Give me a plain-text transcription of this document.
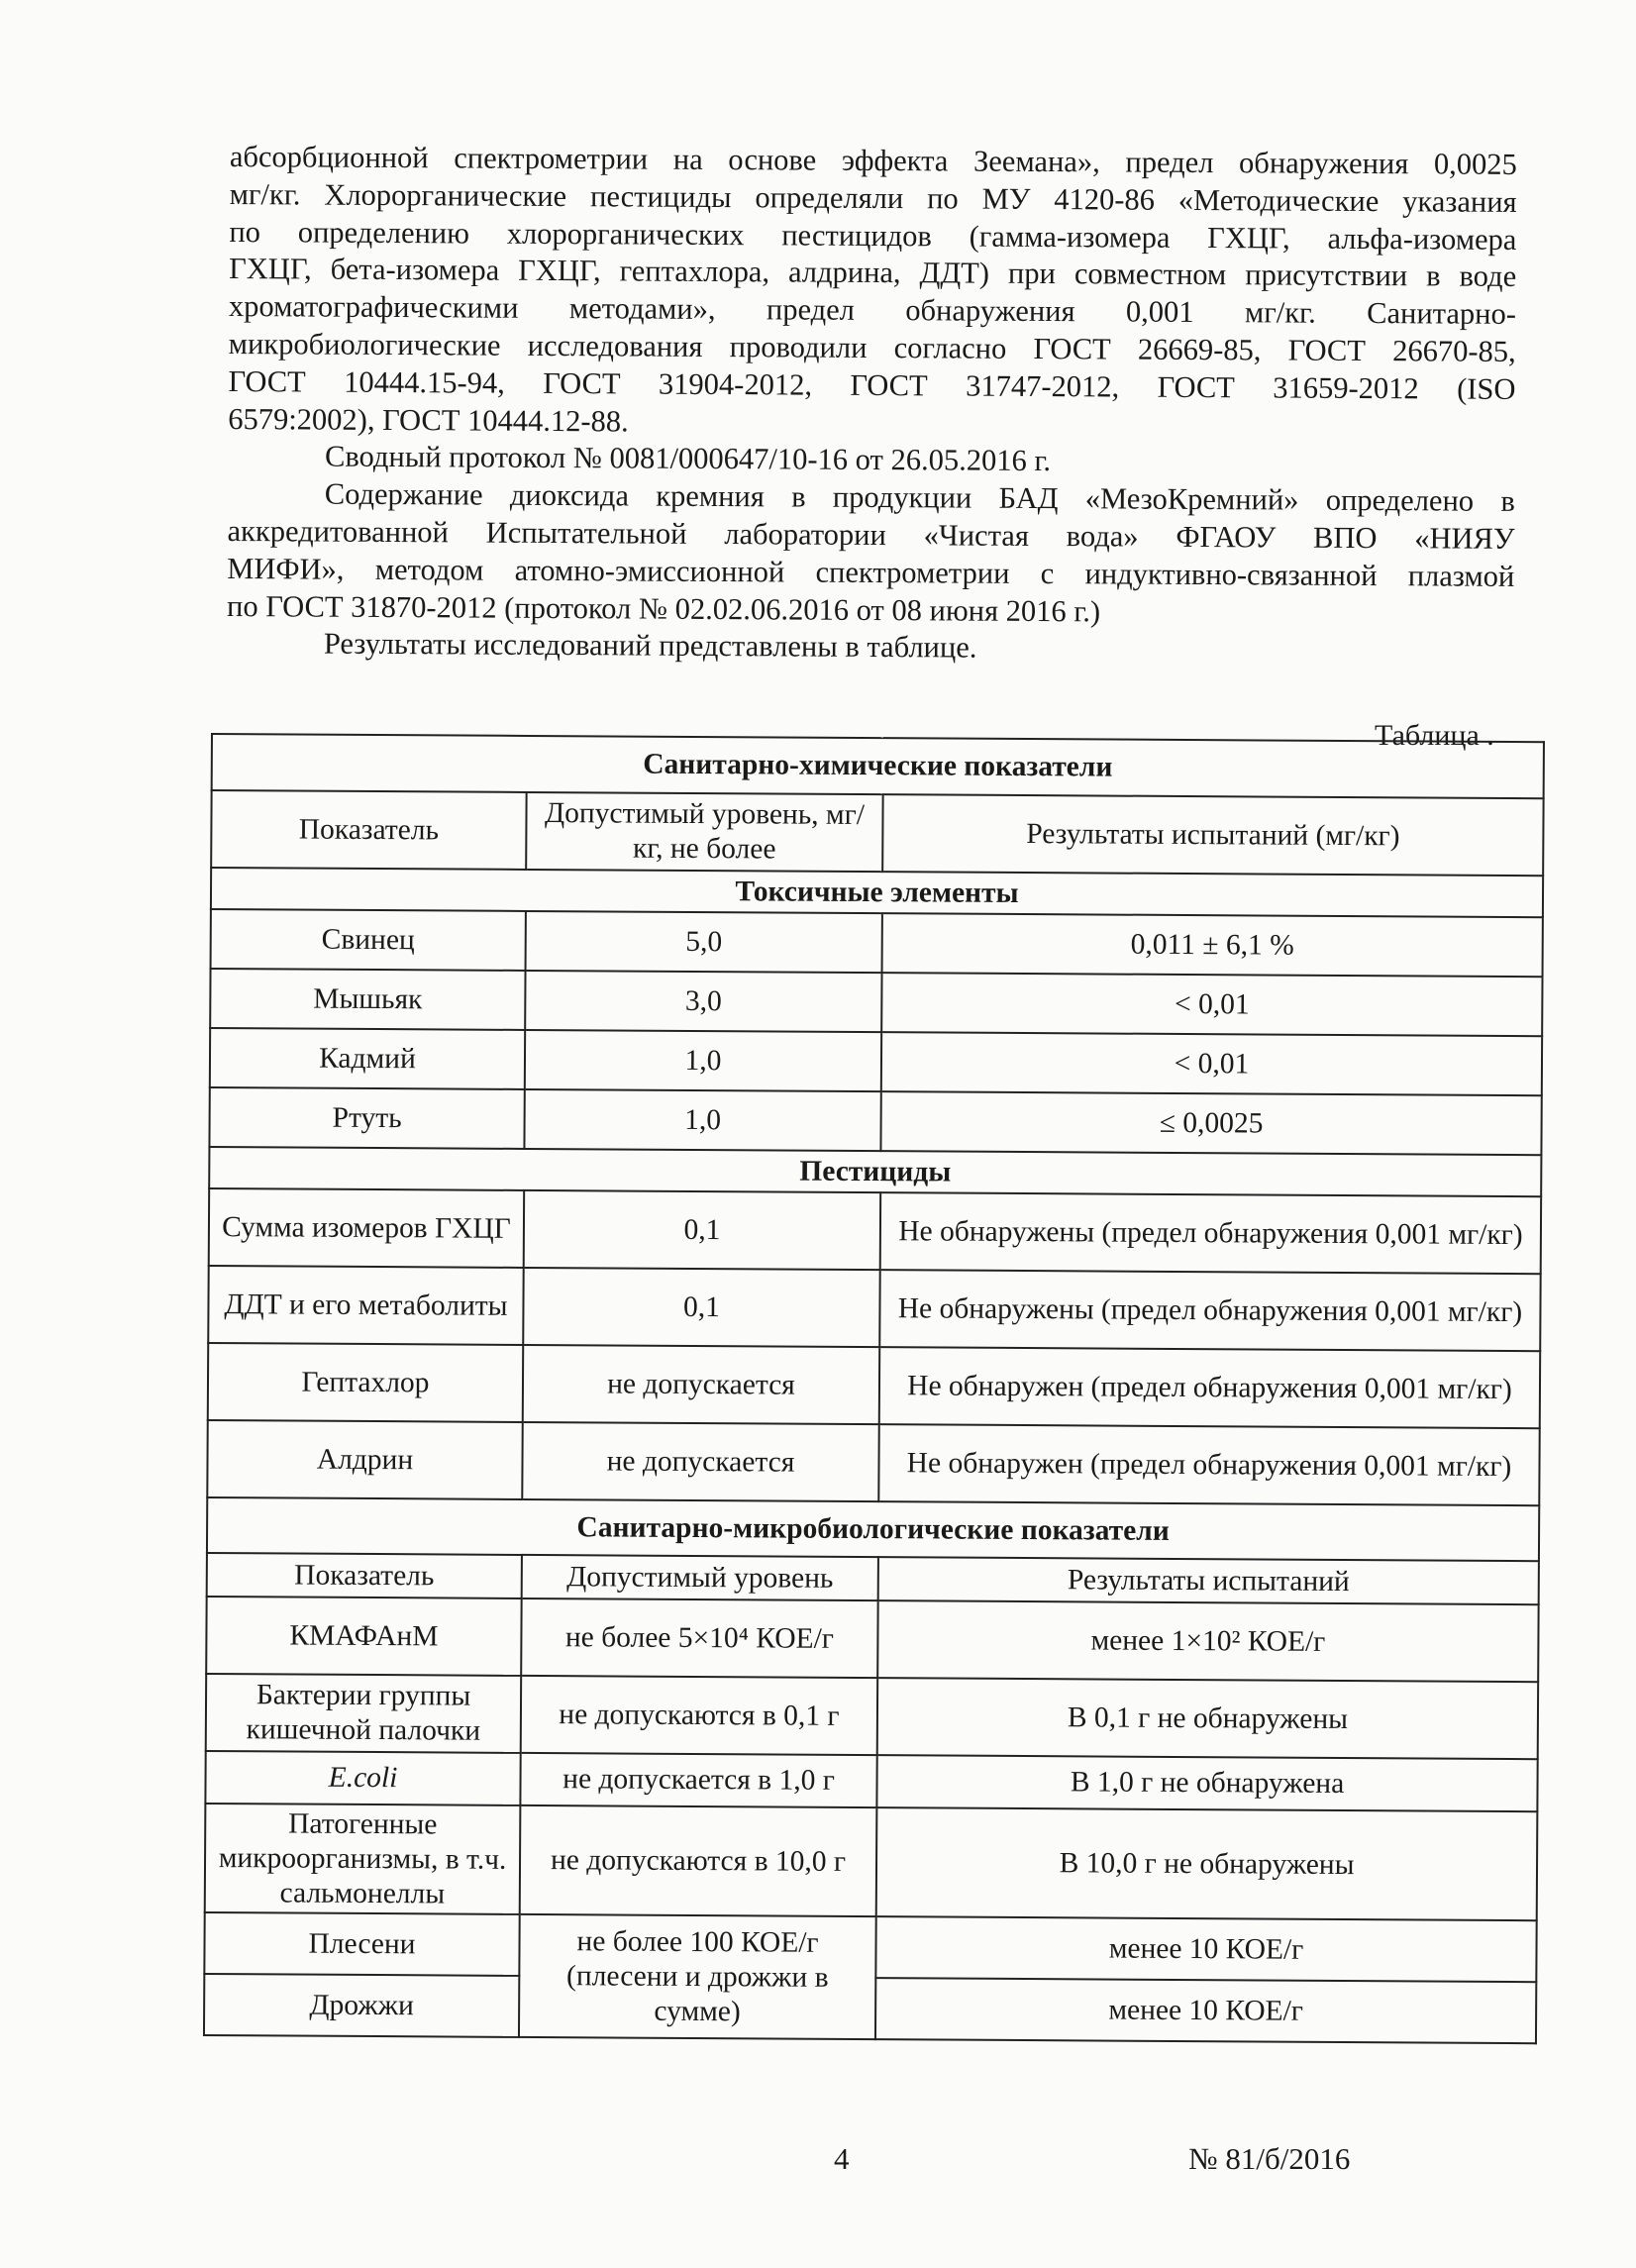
абсорбционной спектрометрии на основе эффекта Зеемана», предел обнаружения 0,0025

мг/кг. Хлорорганические пестициды определяли по МУ 4120-86 «Методические указания

по определению хлорорганических пестицидов (гамма-изомера ГХЦГ, альфа-изомера

ГХЦГ, бета-изомера ГХЦГ, гептахлора, алдрина, ДДТ) при совместном присутствии в воде

хроматографическими методами», предел обнаружения 0,001 мг/кг. Санитарно-

микробиологические исследования проводили согласно ГОСТ 26669-85, ГОСТ 26670-85,

ГОСТ 10444.15-94, ГОСТ 31904-2012, ГОСТ 31747-2012, ГОСТ 31659-2012 (ISO

6579:2002), ГОСТ 10444.12-88.

Сводный протокол № 0081/000647/10-16 от 26.05.2016 г.

Содержание диоксида кремния в продукции БАД «МезоКремний» определено в

аккредитованной Испытательной лаборатории «Чистая вода» ФГАОУ ВПО «НИЯУ

МИФИ», методом атомно-эмиссионной спектрометрии с индуктивно-связанной плазмой

по ГОСТ 31870-2012 (протокол № 02.02.06.2016 от 08 июня 2016 г.)

Результаты исследований представлены в таблице.

Таблица .
Санитарно-химические показатели		
Показатель	Допустимый уровень, мг/кг, не более	Результаты испытаний (мг/кг)
Токсичные элементы		
Свинец	5,0	0,011 ± 6,1 %
Мышьяк	3,0	< 0,01
Кадмий	1,0	< 0,01
Ртуть	1,0	≤ 0,0025
Пестициды		
Сумма изомеров ГХЦГ	0,1	Не обнаружены (предел обнаружения 0,001 мг/кг)
ДДТ и его метаболиты	0,1	Не обнаружены (предел обнаружения 0,001 мг/кг)
Гептахлор	не допускается	Не обнаружен (предел обнаружения 0,001 мг/кг)
Алдрин	не допускается	Не обнаружен (предел обнаружения 0,001 мг/кг)
Санитарно-микробиологические показатели		
Показатель	Допустимый уровень	Результаты испытаний
КМАФАнМ	не более 5×10⁴ КОЕ/г	менее 1×10² КОЕ/г
Бактерии группы кишечной палочки	не допускаются в 0,1 г	В 0,1 г не обнаружены
E.coli	не допускается в 1,0 г	В 1,0 г не обнаружена
Патогенные микроорганизмы, в т.ч. сальмонеллы	не допускаются в 10,0 г	В 10,0 г не обнаружены
Плесени	не более 100 КОЕ/г (плесени и дрожжи в сумме)	менее 10 КОЕ/г
Дрожжи		менее 10 КОЕ/г
4	№ 81/б/2016
